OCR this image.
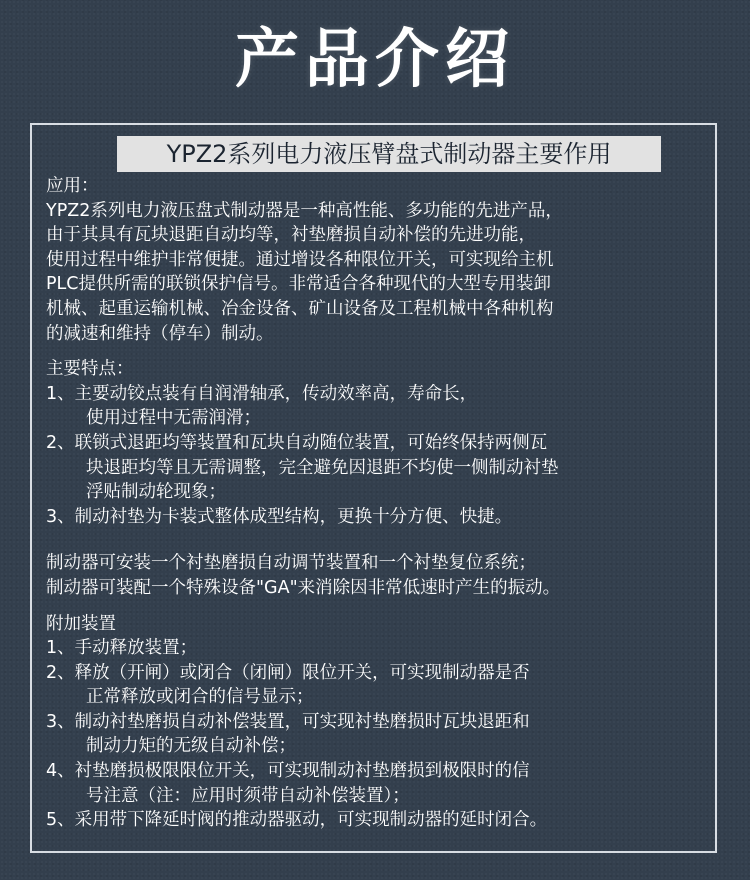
产品介绍
YPZ2系列电力液压臂盘式制动器主要作用
应用：
YPZ2系列电力液压盘式制动器是一种高性能、多功能的先进产品，
由于其具有瓦块退距自动均等，衬垫磨损自动补偿的先进功能，
使用过程中维护非常便捷。通过增设各种限位开关，可实现给主机
PLC提供所需的联锁保护信号。非常适合各种现代的大型专用装卸
机械、起重运输机械、冶金设备、矿山设备及工程机械中各种机构
的减速和维持（停车）制动。
主要特点：
1、主要动铰点装有自润滑轴承，传动效率高，寿命长，
使用过程中无需润滑；
2、联锁式退距均等装置和瓦块自动随位装置，可始终保持两侧瓦
块退距均等且无需调整，完全避免因退距不均使一侧制动衬垫
浮贴制动轮现象；
3、制动衬垫为卡装式整体成型结构，更换十分方便、快捷。
制动器可安装一个衬垫磨损自动调节装置和一个衬垫复位系统；
制动器可装配一个特殊设备"GA"来消除因非常低速时产生的振动。
附加装置
1、手动释放装置；
2、释放（开闸）或闭合（闭闸）限位开关，可实现制动器是否
正常释放或闭合的信号显示；
3、制动衬垫磨损自动补偿装置，可实现衬垫磨损时瓦块退距和
制动力矩的无级自动补偿；
4、衬垫磨损极限限位开关，可实现制动衬垫磨损到极限时的信
号注意（注：应用时须带自动补偿装置）；
5、采用带下降延时阀的推动器驱动，可实现制动器的延时闭合。
